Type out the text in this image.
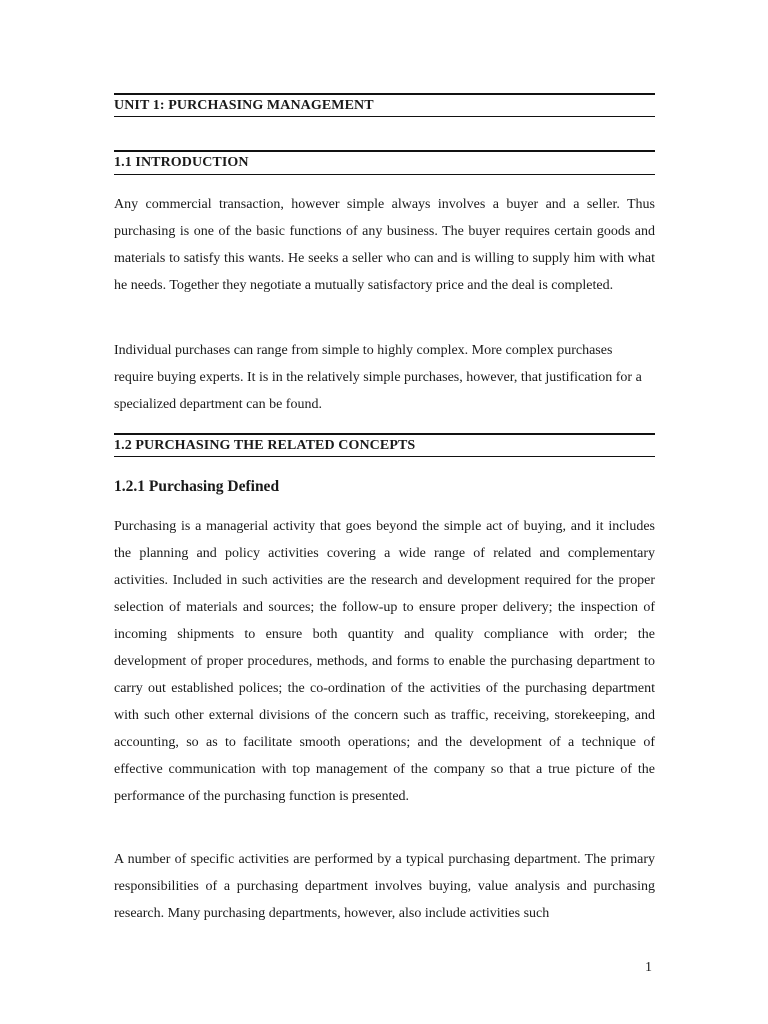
UNIT 1: PURCHASING MANAGEMENT
1.1 INTRODUCTION

Any commercial transaction, however simple always involves a buyer and a seller. Thus purchasing is one of the basic functions of any business. The buyer requires certain goods and materials to satisfy this wants. He seeks a seller who can and is willing to supply him with what he needs. Together they negotiate a mutually satisfactory price and the deal is completed.

Individual purchases can range from simple to highly complex. More complex purchases require buying experts. It is in the relatively simple purchases, however, that justification for a specialized department can be found.

1.2 PURCHASING THE RELATED CONCEPTS
1.2.1 Purchasing Defined

Purchasing is a managerial activity that goes beyond the simple act of buying, and it includes the planning and policy activities covering a wide range of related and complementary activities. Included in such activities are the research and development required for the proper selection of materials and sources; the follow-up to ensure proper delivery; the inspection of incoming shipments to ensure both quantity and quality compliance with order; the development of proper procedures, methods, and forms to enable the purchasing department to carry out established polices; the co-ordination of the activities of the purchasing department with such other external divisions of the concern such as traffic, receiving, storekeeping, and accounting, so as to facilitate smooth operations; and the development of a technique of effective communication with top management of the company so that a true picture of the performance of the purchasing function is presented.

A number of specific activities are performed by a typical purchasing department. The primary responsibilities of a purchasing department involves buying, value analysis and purchasing research. Many purchasing departments, however, also include activities such

1
